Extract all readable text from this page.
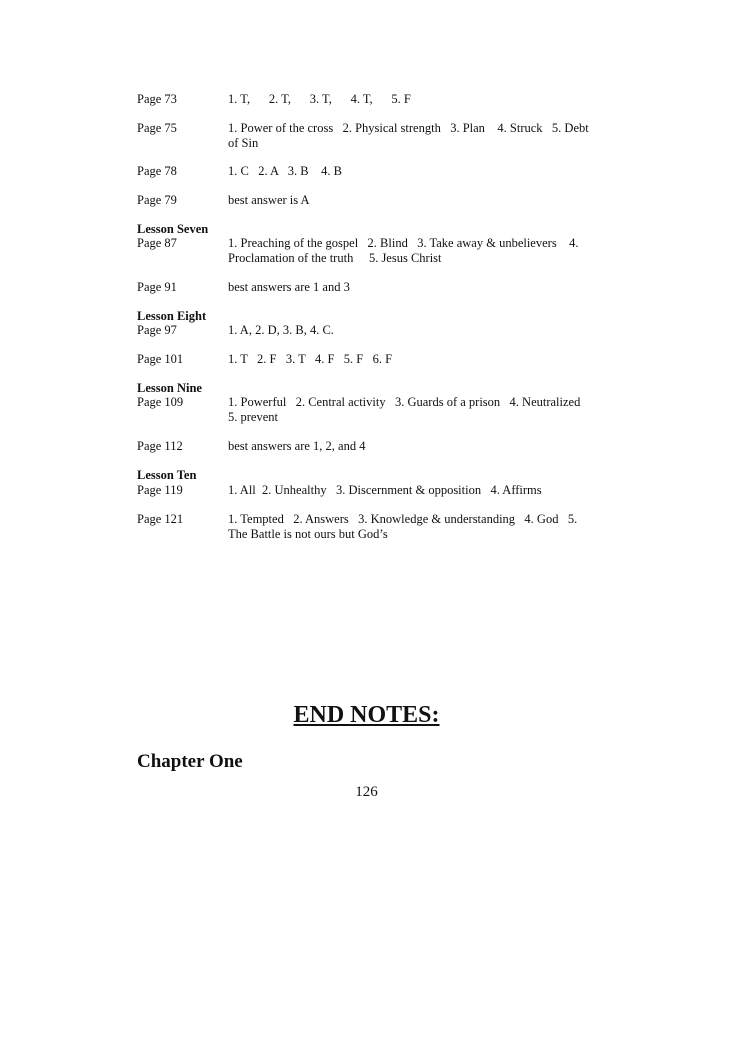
Page 73	1. T,      2. T,      3. T,      4. T,      5. F
Page 75	1. Power of the cross   2. Physical strength   3. Plan    4. Struck   5. Debt
of Sin
Page 78	1. C   2. A   3. B    4. B
Page 79	best answer is A
Lesson Seven
Page 87	1. Preaching of the gospel   2. Blind   3. Take away & unbelievers    4.
Proclamation of the truth     5. Jesus Christ
Page 91	best answers are 1 and 3
Lesson Eight
Page 97	1. A, 2. D, 3. B, 4. C.
Page 101	1. T   2. F   3. T   4. F   5. F   6. F
Lesson Nine
Page 109	1. Powerful   2. Central activity   3. Guards of a prison   4. Neutralized
5. prevent
Page 112	best answers are 1, 2, and 4
Lesson Ten
Page 119	1. All  2. Unhealthy   3. Discernment & opposition   4. Affirms
Page 121	1. Tempted   2. Answers   3. Knowledge & understanding   4. God   5.
The Battle is not ours but God’s
END NOTES:
Chapter One
126
